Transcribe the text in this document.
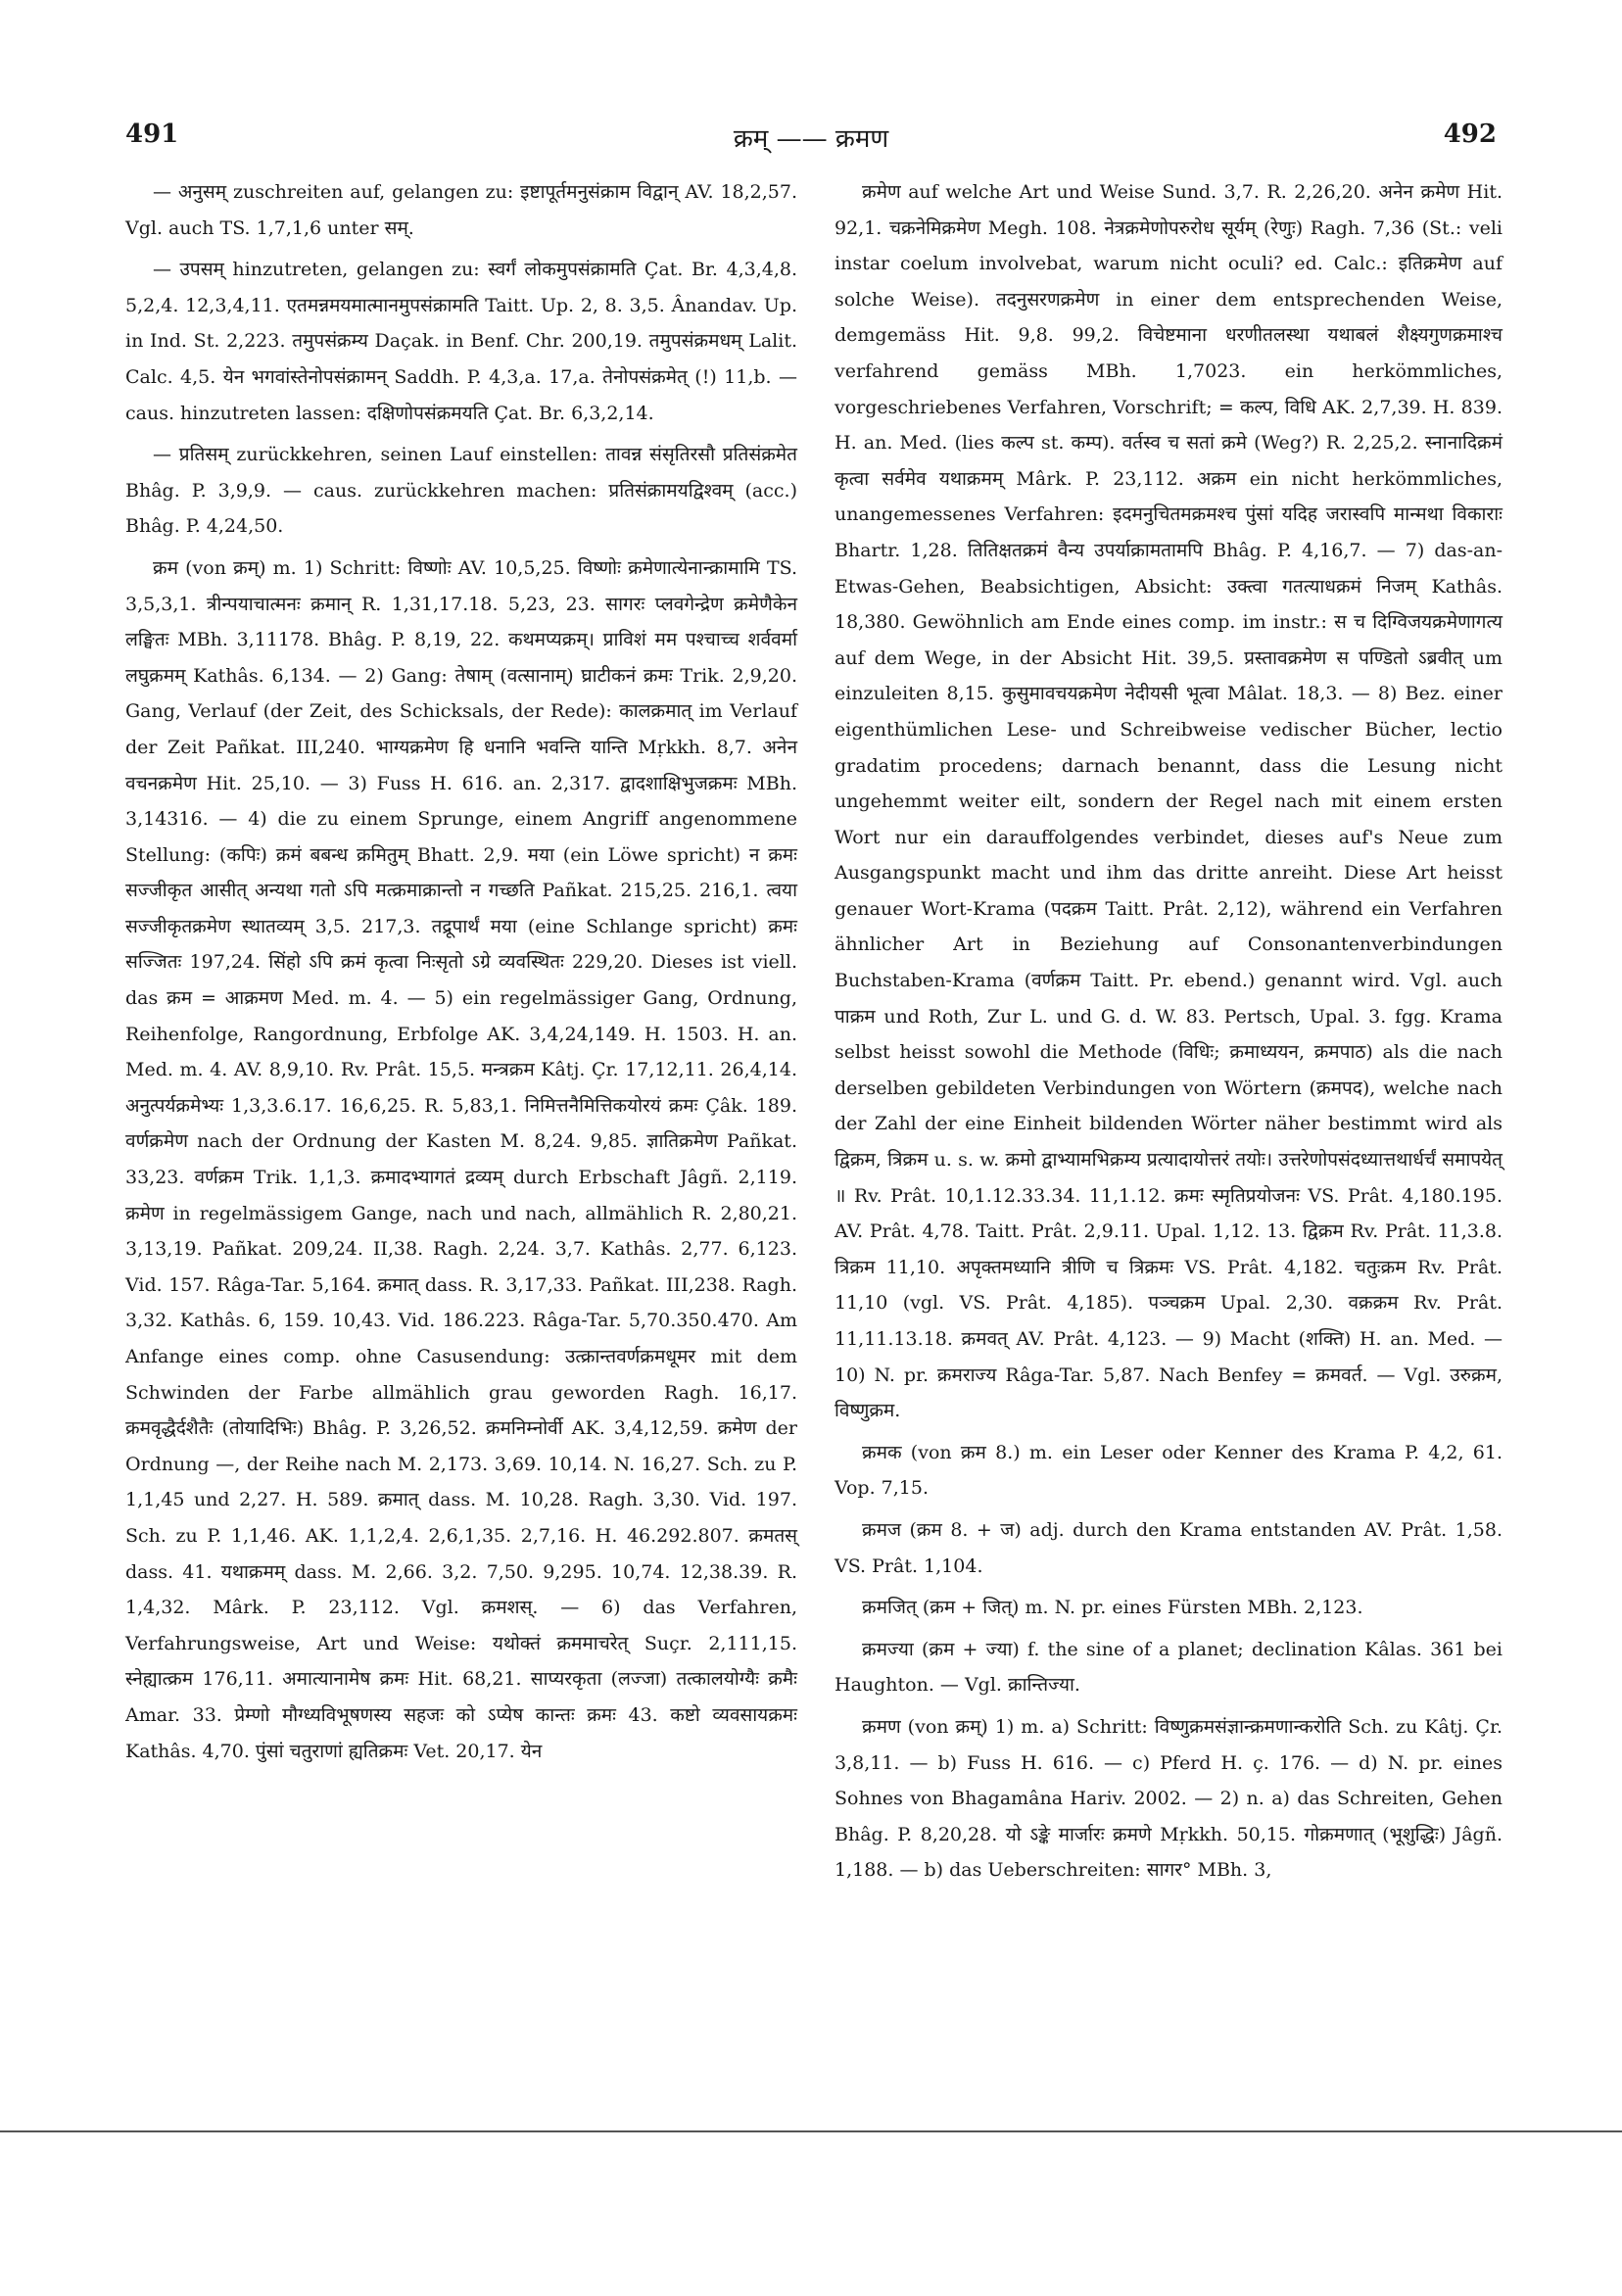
491	क्रम् —— क्रमण	492

— अनुसम् zuschreiten auf, gelangen zu: इष्टापूर्तमनुसंक्राम विद्वान् AV. 18,2,57. Vgl. auch TS. 1,7,1,6 unter सम्.

— उपसम् hinzutreten, gelangen zu: स्वर्गं लोकमुपसंक्रामति Çat. Br. 4,3,4,8. 5,2,4. 12,3,4,11. एतमन्नमयमात्मानमुपसंक्रामति Taitt. Up. 2, 8. 3,5. Ânandav. Up. in Ind. St. 2,223. तमुपसंक्रम्य Daçak. in Benf. Chr. 200,19. तमुपसंक्रमधम् Lalit. Calc. 4,5. येन भगवांस्तेनोपसंक्रामन् Saddh. P. 4,3,a. 17,a. तेनोपसंक्रमेत् (!) 11,b. — caus. hinzutreten lassen: दक्षिणोपसंक्रमयति Çat. Br. 6,3,2,14.

— प्रतिसम् zurückkehren, seinen Lauf einstellen: तावन्न संसृतिरसौ प्रतिसंक्रमेत Bhâg. P. 3,9,9. — caus. zurückkehren machen: प्रतिसंक्रामयद्विश्वम् (acc.) Bhâg. P. 4,24,50.

क्रम (von क्रम्) m. 1) Schritt: विष्णोः AV. 10,5,25. विष्णोः क्रमेणात्येनान्क्रामामि TS. 3,5,3,1. त्रीन्पयाचात्मनः क्रमान् R. 1,31,17.18. 5,23, 23. सागरः प्लवगेन्द्रेण क्रमेणैकेन लङ्घितः MBh. 3,11178. Bhâg. P. 8,19, 22. कथमप्यक्रम्। प्राविशं मम पश्चाच्च शर्ववर्मा लघुक्रमम् Kathâs. 6,134. — 2) Gang: तेषाम् (वत्सानाम्) घ्राटीकनं क्रमः Trik. 2,9,20. Gang, Verlauf (der Zeit, des Schicksals, der Rede): कालक्रमात् im Verlauf der Zeit Pañkat. III,240. भाग्यक्रमेण हि धनानि भवन्ति यान्ति Mṛkkh. 8,7. अनेन वचनक्रमेण Hit. 25,10. — 3) Fuss H. 616. an. 2,317. द्वादशाक्षिभुजक्रमः MBh. 3,14316. — 4) die zu einem Sprunge, einem Angriff angenommene Stellung: (कपिः) क्रमं बबन्ध क्रमितुम् Bhatt. 2,9. मया (ein Löwe spricht) न क्रमः सज्जीकृत आसीत् अन्यथा गतो ऽपि मत्क्रमाक्रान्तो न गच्छति Pañkat. 215,25. 216,1. त्वया सज्जीकृतक्रमेण स्थातव्यम् 3,5. 217,3. तद्रूपार्थं मया (eine Schlange spricht) क्रमः सज्जितः 197,24. सिंहो ऽपि क्रमं कृत्वा निःसृतो ऽग्रे व्यवस्थितः 229,20. Dieses ist viell. das क्रम = आक्रमण Med. m. 4. — 5) ein regelmässiger Gang, Ordnung, Reihenfolge, Rangordnung, Erbfolge AK. 3,4,24,149. H. 1503. H. an. Med. m. 4. AV. 8,9,10. Rv. Prât. 15,5. मन्त्रक्रम Kâtj. Çr. 17,12,11. 26,4,14. अनुत्पर्यक्रमेभ्यः 1,3,3.6.17. 16,6,25. R. 5,83,1. निमित्तनैमित्तिकयोरयं क्रमः Çâk. 189. वर्णक्रमेण nach der Ordnung der Kasten M. 8,24. 9,85. ज्ञातिक्रमेण Pañkat. 33,23. वर्णक्रम Trik. 1,1,3. क्रमादभ्यागतं द्रव्यम् durch Erbschaft Jâgñ. 2,119. क्रमेण in regelmässigem Gange, nach und nach, allmählich R. 2,80,21. 3,13,19. Pañkat. 209,24. II,38. Ragh. 2,24. 3,7. Kathâs. 2,77. 6,123. Vid. 157. Râga-Tar. 5,164. क्रमात् dass. R. 3,17,33. Pañkat. III,238. Ragh. 3,32. Kathâs. 6, 159. 10,43. Vid. 186.223. Râga-Tar. 5,70.350.470. Am Anfange eines comp. ohne Casusendung: उत्क्रान्तवर्णक्रमधूमर mit dem Schwinden der Farbe allmählich grau geworden Ragh. 16,17. क्रमवृद्धैर्दशैतैः (तोयादिभिः) Bhâg. P. 3,26,52. क्रमनिम्नोर्वी AK. 3,4,12,59. क्रमेण der Ordnung —, der Reihe nach M. 2,173. 3,69. 10,14. N. 16,27. Sch. zu P. 1,1,45 und 2,27. H. 589. क्रमात् dass. M. 10,28. Ragh. 3,30. Vid. 197. Sch. zu P. 1,1,46. AK. 1,1,2,4. 2,6,1,35. 2,7,16. H. 46.292.807. क्रमतस् dass. 41. यथाक्रमम् dass. M. 2,66. 3,2. 7,50. 9,295. 10,74. 12,38.39. R. 1,4,32. Mârk. P. 23,112. Vgl. क्रमशस्. — 6) das Verfahren, Verfahrungsweise, Art und Weise: यथोक्तं क्रममाचरेत् Suçr. 2,111,15. स्नेह्यात्क्रम 176,11. अमात्यानामेष क्रमः Hit. 68,21. साप्यरकृता (लज्जा) तत्कालयोग्यैः क्रमैः Amar. 33. प्रेम्णो मौग्ध्यविभूषणस्य सहजः को ऽप्येष कान्तः क्रमः 43. कष्टो व्यवसायक्रमः Kathâs. 4,70. पुंसां चतुराणां ह्यतिक्रमः Vet. 20,17. येन

क्रमेण auf welche Art und Weise Sund. 3,7. R. 2,26,20. अनेन क्रमेण Hit. 92,1. चक्रनेमिक्रमेण Megh. 108. नेत्रक्रमेणोपरुरोध सूर्यम् (रेणुः) Ragh. 7,36 (St.: veli instar coelum involvebat, warum nicht oculi? ed. Calc.: इतिक्रमेण auf solche Weise). तदनुसरणक्रमेण in einer dem entsprechenden Weise, demgemäss Hit. 9,8. 99,2. विचेष्टमाना धरणीतलस्था यथाबलं शैक्ष्यगुणक्रमाश्च verfahrend gemäss MBh. 1,7023. ein herkömmliches, vorgeschriebenes Verfahren, Vorschrift; = कल्प, विधि AK. 2,7,39. H. 839. H. an. Med. (lies कल्प st. कम्प). वर्तस्व च सतां क्रमे (Weg?) R. 2,25,2. स्नानादिक्रमं कृत्वा सर्वमेव यथाक्रमम् Mârk. P. 23,112. अक्रम ein nicht herkömmliches, unangemessenes Verfahren: इदमनुचितमक्रमश्च पुंसां यदिह जरास्वपि मान्मथा विकाराः Bhartr. 1,28. तितिक्षतक्रमं वैन्य उपर्याक्रामतामपि Bhâg. P. 4,16,7. — 7) das-an-Etwas-Gehen, Beabsichtigen, Absicht: उक्त्वा गतत्याधक्रमं निजम् Kathâs. 18,380. Gewöhnlich am Ende eines comp. im instr.: स च दिग्विजयक्रमेणागत्य auf dem Wege, in der Absicht Hit. 39,5. प्रस्तावक्रमेण स पण्डितो ऽब्रवीत् um einzuleiten 8,15. कुसुमावचयक्रमेण नेदीयसी भूत्वा Mâlat. 18,3. — 8) Bez. einer eigenthümlichen Lese- und Schreibweise vedischer Bücher, lectio gradatim procedens; darnach benannt, dass die Lesung nicht ungehemmt weiter eilt, sondern der Regel nach mit einem ersten Wort nur ein darauffolgendes verbindet, dieses auf's Neue zum Ausgangspunkt macht und ihm das dritte anreiht. Diese Art heisst genauer Wort-Krama (पदक्रम Taitt. Prât. 2,12), während ein Verfahren ähnlicher Art in Beziehung auf Consonantenverbindungen Buchstaben-Krama (वर्णक्रम Taitt. Pr. ebend.) genannt wird. Vgl. auch पाक्रम und Roth, Zur L. und G. d. W. 83. Pertsch, Upal. 3. fgg. Krama selbst heisst sowohl die Methode (विधिः; क्रमाध्ययन, क्रमपाठ) als die nach derselben gebildeten Verbindungen von Wörtern (क्रमपद), welche nach der Zahl der eine Einheit bildenden Wörter näher bestimmt wird als द्विक्रम, त्रिक्रम u. s. w. क्रमो द्वाभ्यामभिक्रम्य प्रत्यादायोत्तरं तयोः। उत्तरेणोपसंदध्यात्तथार्धर्चं समापयेत् ॥ Rv. Prât. 10,1.12.33.34. 11,1.12. क्रमः स्मृतिप्रयोजनः VS. Prât. 4,180.195. AV. Prât. 4,78. Taitt. Prât. 2,9.11. Upal. 1,12. 13. द्विक्रम Rv. Prât. 11,3.8. त्रिक्रम 11,10. अपृक्तमध्यानि त्रीणि च त्रिक्रमः VS. Prât. 4,182. चतुःक्रम Rv. Prât. 11,10 (vgl. VS. Prât. 4,185). पञ्चक्रम Upal. 2,30. वक्रक्रम Rv. Prât. 11,11.13.18. क्रमवत् AV. Prât. 4,123. — 9) Macht (शक्ति) H. an. Med. — 10) N. pr. क्रमराज्य Râga-Tar. 5,87. Nach Benfey = क्रमवर्त. — Vgl. उरुक्रम, विष्णुक्रम.

क्रमक (von क्रम 8.) m. ein Leser oder Kenner des Krama P. 4,2, 61. Vop. 7,15.

क्रमज (क्रम 8. + ज) adj. durch den Krama entstanden AV. Prât. 1,58. VS. Prât. 1,104.

क्रमजित् (क्रम + जित्) m. N. pr. eines Fürsten MBh. 2,123.

क्रमज्या (क्रम + ज्या) f. the sine of a planet; declination Kâlas. 361 bei Haughton. — Vgl. क्रान्तिज्या.

क्रमण (von क्रम्) 1) m. a) Schritt: विष्णुक्रमसंज्ञान्क्रमणान्करोति Sch. zu Kâtj. Çr. 3,8,11. — b) Fuss H. 616. — c) Pferd H. ç. 176. — d) N. pr. eines Sohnes von Bhagamâna Hariv. 2002. — 2) n. a) das Schreiten, Gehen Bhâg. P. 8,20,28. यो ऽङ्के मार्जारः क्रमणे Mṛkkh. 50,15. गोक्रमणात् (भूशुद्धिः) Jâgñ. 1,188. — b) das Ueberschreiten: सागर° MBh. 3,
